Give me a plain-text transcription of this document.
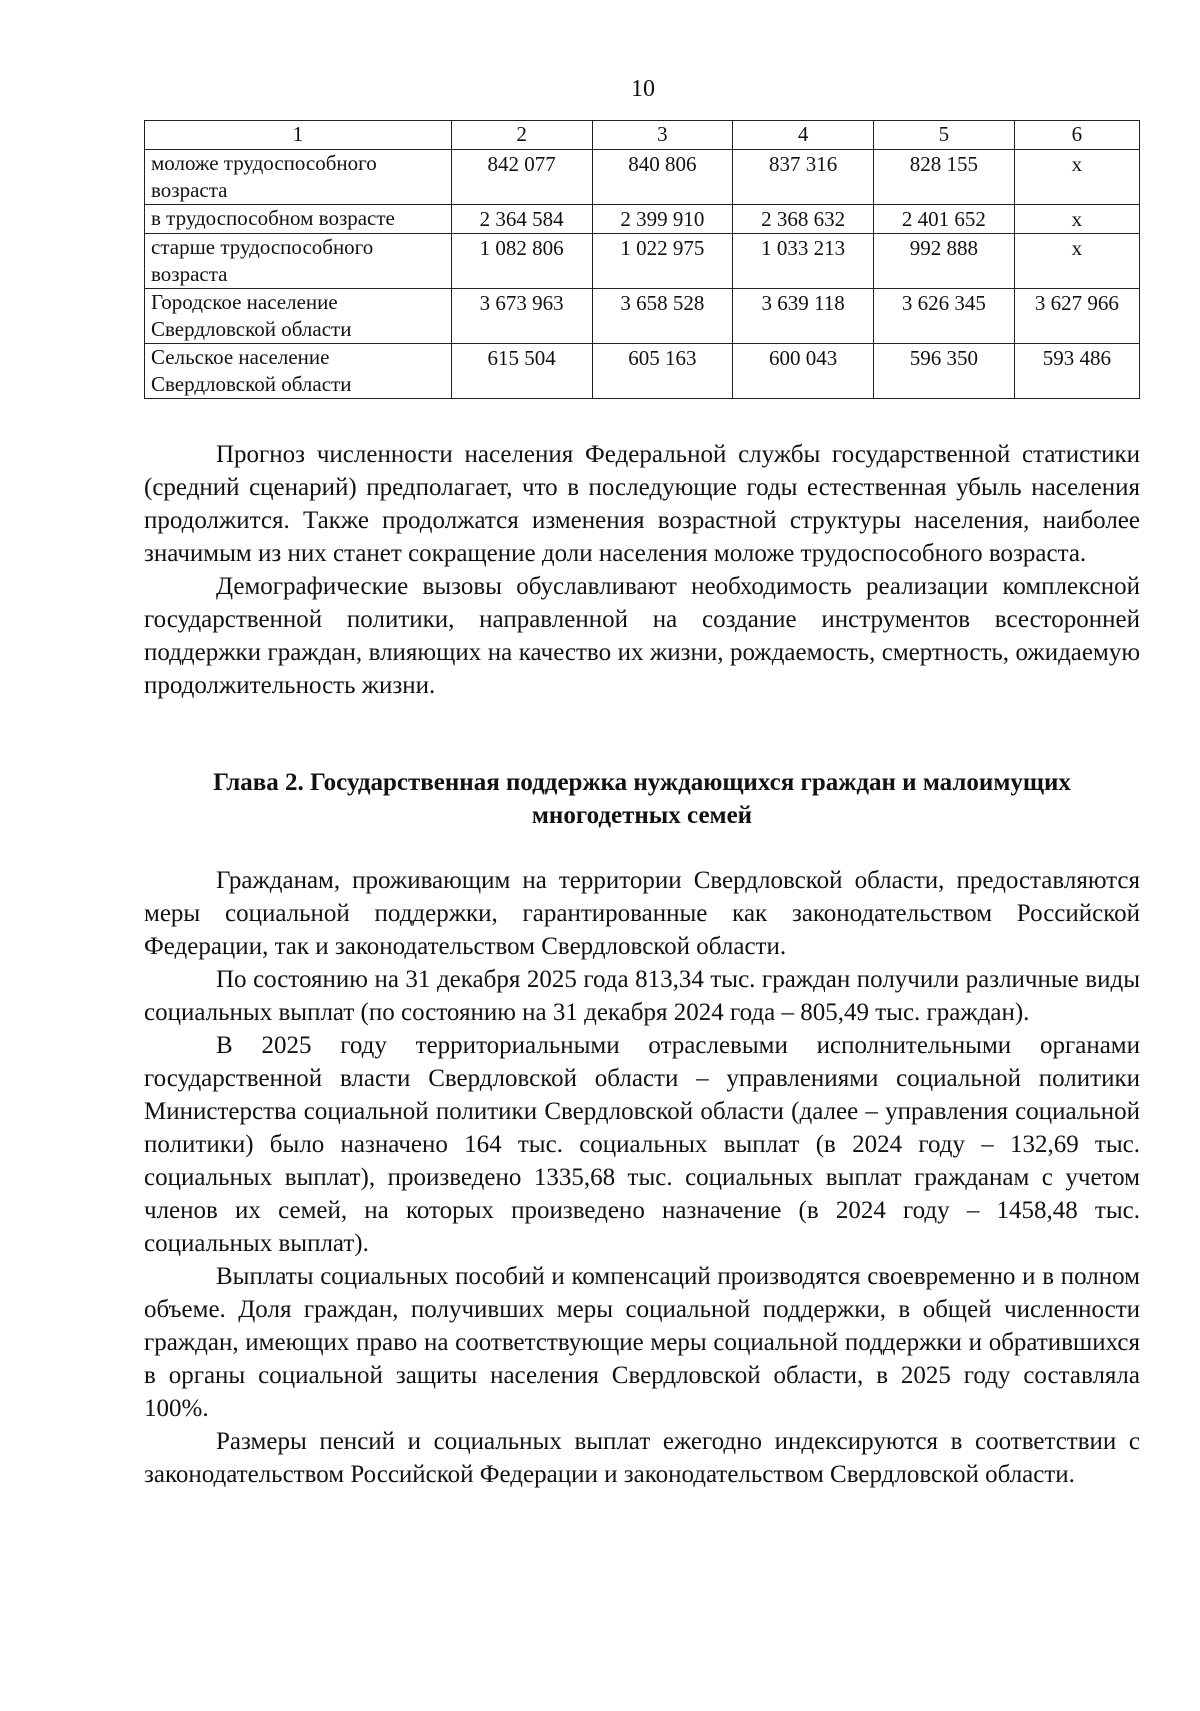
10
1	2	3	4	5	6
моложе трудоспособного возраста	842 077	840 806	837 316	828 155	x
в трудоспособном возрасте	2 364 584	2 399 910	2 368 632	2 401 652	x
старше трудоспособного возраста	1 082 806	1 022 975	1 033 213	992 888	x
Городское население Свердловской области	3 673 963	3 658 528	3 639 118	3 626 345	3 627 966
Сельское население Свердловской области	615 504	605 163	600 043	596 350	593 486

Прогноз численности населения Федеральной службы государственной статистики (средний сценарий) предполагает, что в последующие годы естественная убыль населения продолжится. Также продолжатся изменения возрастной структуры населения, наиболее значимым из них станет сокращение доли населения моложе трудоспособного возраста.

Демографические вызовы обуславливают необходимость реализации комплексной государственной политики, направленной на создание инструментов всесторонней поддержки граждан, влияющих на качество их жизни, рождаемость, смертность, ожидаемую продолжительность жизни.

Глава 2. Государственная поддержка нуждающихся граждан и малоимущих
многодетных семей

Гражданам, проживающим на территории Свердловской области, предоставляются меры социальной поддержки, гарантированные как законодательством Российской Федерации, так и законодательством Свердловской области.

По состоянию на 31 декабря 2025 года 813,34 тыс. граждан получили различные виды социальных выплат (по состоянию на 31 декабря 2024 года – 805,49 тыс. граждан).

В 2025 году территориальными отраслевыми исполнительными органами государственной власти Свердловской области – управлениями социальной политики Министерства социальной политики Свердловской области (далее – управления социальной политики) было назначено 164 тыс. социальных выплат (в 2024 году – 132,69 тыс. социальных выплат), произведено 1335,68 тыс. социальных выплат гражданам с учетом членов их семей, на которых произведено назначение (в 2024 году – 1458,48 тыс. социальных выплат).

Выплаты социальных пособий и компенсаций производятся своевременно и в полном объеме. Доля граждан, получивших меры социальной поддержки, в общей численности граждан, имеющих право на соответствующие меры социальной поддержки и обратившихся в органы социальной защиты населения Свердловской области, в 2025 году составляла 100%.

Размеры пенсий и социальных выплат ежегодно индексируются в соответствии с законодательством Российской Федерации и законодательством Свердловской области.
